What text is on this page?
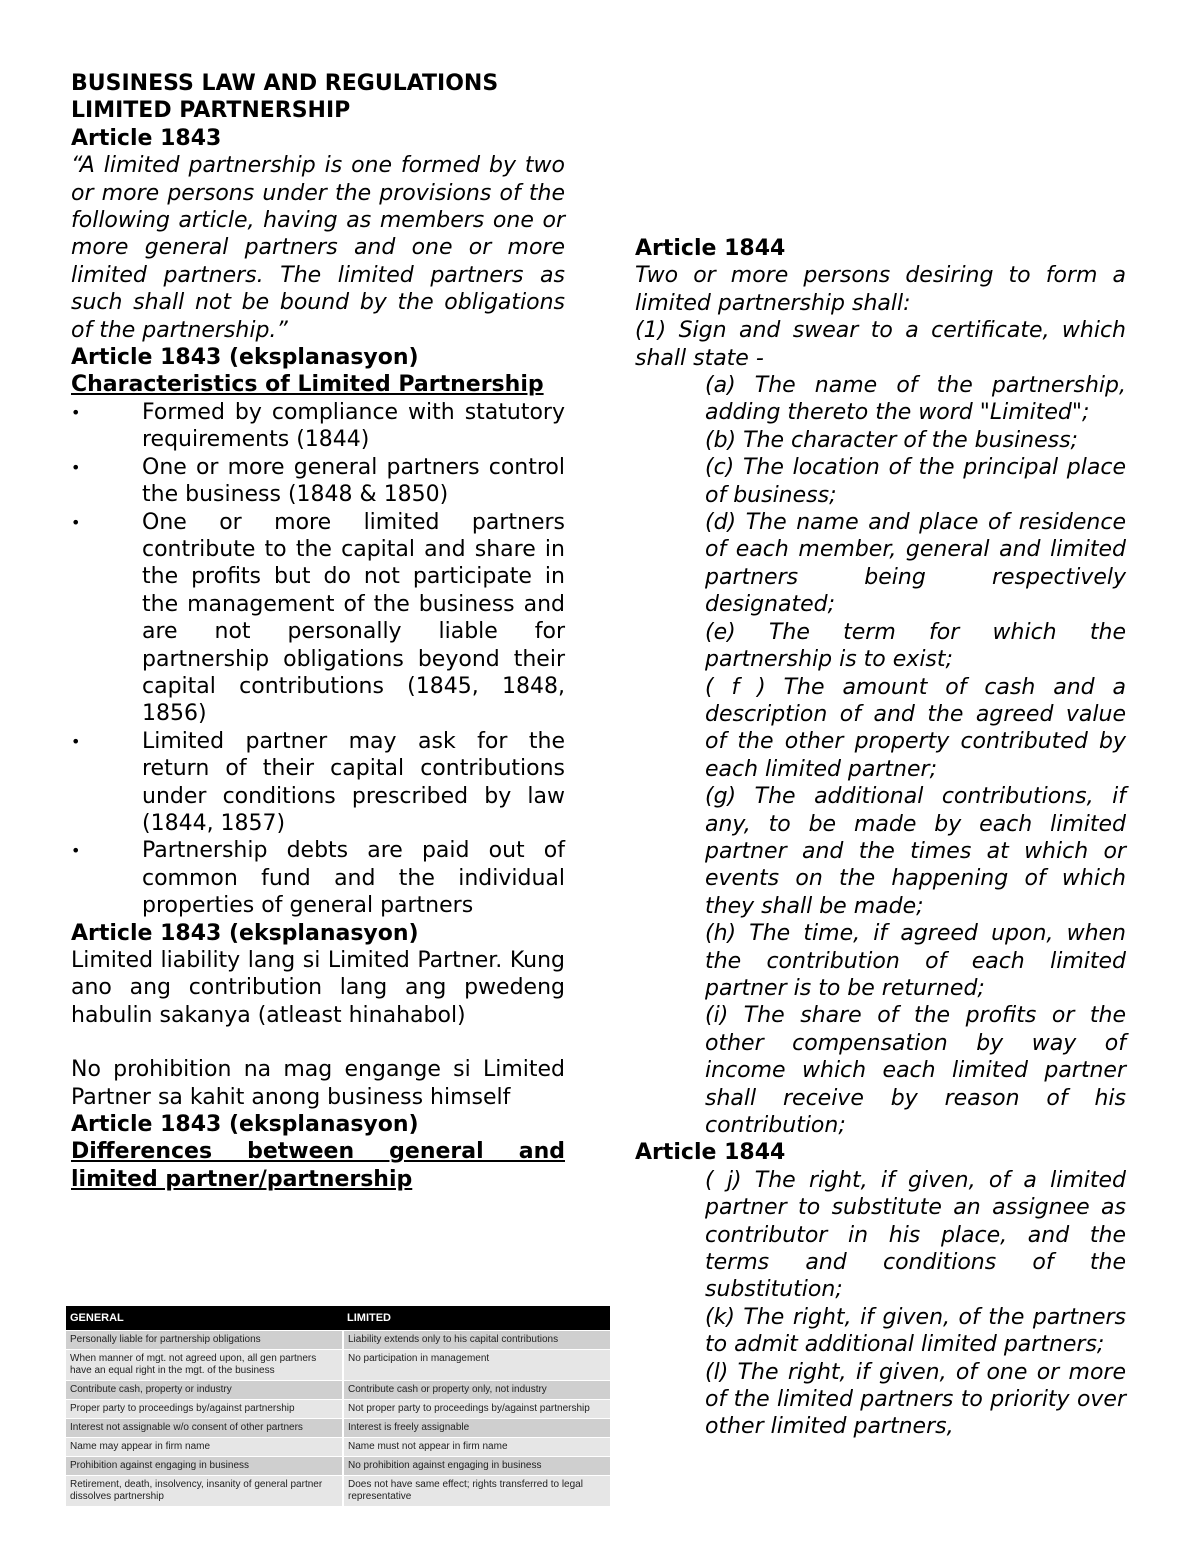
BUSINESS LAW AND REGULATIONS

LIMITED PARTNERSHIP

Article 1843

“A limited partnership is one formed by two or more persons under the provisions of the following article, having as members one or more general partners and one or more limited partners. The limited partners as such shall not be bound by the obligations of the partnership.”

Article 1843 (eksplanasyon)

Characteristics of Limited Partnership

• Formed by compliance with statutory requirements (1844)
• One or more general partners control the business (1848 & 1850)
• One or more limited partners contribute to the capital and share in the profits but do not participate in the management of the business and are not personally liable for partnership obligations beyond their capital contributions (1845, 1848, 1856)
• Limited partner may ask for the return of their capital contributions under conditions prescribed by law (1844, 1857)
• Partnership debts are paid out of common fund and the individual properties of general partners

Article 1843 (eksplanasyon)

Limited liability lang si Limited Partner. Kung ano ang contribution lang ang pwedeng habulin sakanya (atleast hinahabol)

No prohibition na mag engange si Limited Partner sa kahit anong business himself

Article 1843 (eksplanasyon)

Differences between general and limited partner/partnership

GENERAL	LIMITED
Personally liable for partnership obligations	Liability extends only to his capital contributions
When manner of mgt. not agreed upon, all gen partners have an equal right in the mgt. of the business	No participation in management
Contribute cash, property or industry	Contribute cash or property only, not industry
Proper party to proceedings by/against partnership	Not proper party to proceedings by/against partnership
Interest not assignable w/o consent of other partners	Interest is freely assignable
Name may appear in firm name	Name must not appear in firm name
Prohibition against engaging in business	No prohibition against engaging in business
Retirement, death, insolvency, insanity of general partner dissolves partnership	Does not have same effect; rights transferred to legal representative

Article 1844

Two or more persons desiring to form a limited partnership shall:

(1) Sign and swear to a certificate, which shall state -

(a) The name of the partnership, adding thereto the word "Limited";

(b) The character of the business;

(c) The location of the principal place of business;

(d) The name and place of residence of each member, general and limited partners being respectively designated;

(e) The term for which the partnership is to exist;

( f ) The amount of cash and a description of and the agreed value of the other property contributed by each limited partner;

(g) The additional contributions, if any, to be made by each limited partner and the times at which or events on the happening of which they shall be made;

(h) The time, if agreed upon, when the contribution of each limited partner is to be returned;

(i) The share of the profits or the other compensation by way of income which each limited partner shall receive by reason of his contribution;

Article 1844

( j) The right, if given, of a limited partner to substitute an assignee as contributor in his place, and the terms and conditions of the substitution;

(k) The right, if given, of the partners to admit additional limited partners;

(l) The right, if given, of one or more of the limited partners to priority over other limited partners,
